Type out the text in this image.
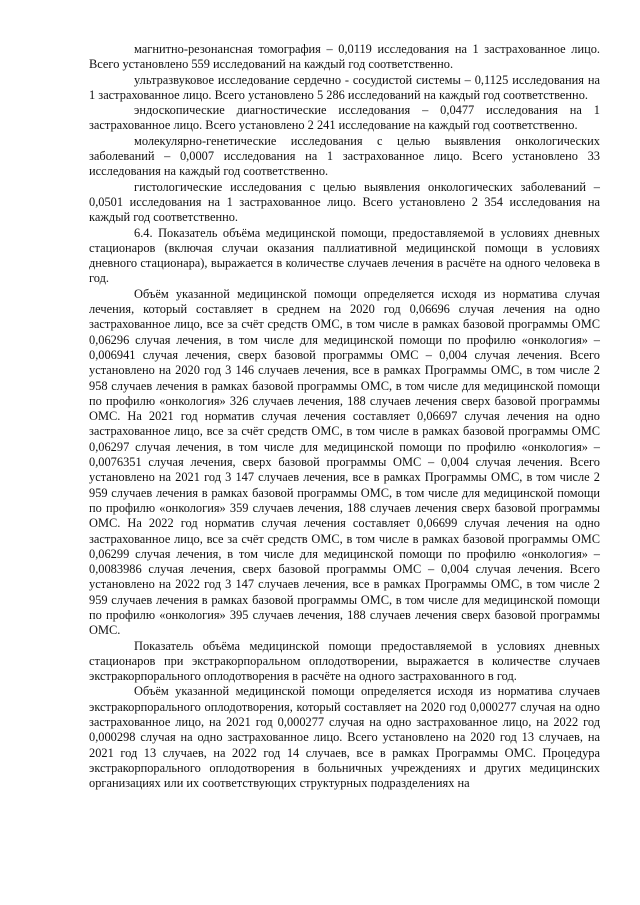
магнитно-резонансная томография – 0,0119 исследования на 1 застрахованное лицо. Всего установлено 559 исследований на каждый год соответственно.

ультразвуковое исследование сердечно - сосудистой системы – 0,1125 исследования на 1 застрахованное лицо. Всего установлено 5 286 исследований на каждый год соответственно.

эндоскопические диагностические исследования – 0,0477 исследования на 1 застрахованное лицо. Всего установлено 2 241 исследование на каждый год соответственно.

молекулярно-генетические исследования с целью выявления онкологических заболеваний – 0,0007 исследования на 1 застрахованное лицо. Всего установлено 33 исследования на каждый год соответственно.

гистологические исследования с целью выявления онкологических заболеваний – 0,0501 исследования на 1 застрахованное лицо. Всего установлено 2 354 исследования на каждый год соответственно.

6.4. Показатель объёма медицинской помощи, предоставляемой в условиях дневных стационаров (включая случаи оказания паллиативной медицинской помощи в условиях дневного стационара), выражается в количестве случаев лечения в расчёте на одного человека в год.

Объём указанной медицинской помощи определяется исходя из норматива случая лечения, который составляет в среднем на 2020 год 0,06696 случая лечения на одно застрахованное лицо, все за счёт средств ОМС, в том числе в рамках базовой программы ОМС 0,06296 случая лечения, в том числе для медицинской помощи по профилю «онкология» – 0,006941 случая лечения, сверх базовой программы ОМС – 0,004 случая лечения. Всего установлено на 2020 год 3 146 случаев лечения, все в рамках Программы ОМС, в том числе 2 958 случаев лечения в рамках базовой программы ОМС, в том числе для медицинской помощи по профилю «онкология» 326 случаев лечения, 188 случаев лечения сверх базовой программы ОМС. На 2021 год норматив случая лечения составляет 0,06697 случая лечения на одно застрахованное лицо, все за счёт средств ОМС, в том числе в рамках базовой программы ОМС 0,06297 случая лечения, в том числе для медицинской помощи по профилю «онкология» – 0,0076351 случая лечения, сверх базовой программы ОМС – 0,004 случая лечения. Всего установлено на 2021 год 3 147 случаев лечения, все в рамках Программы ОМС, в том числе 2 959 случаев лечения в рамках базовой программы ОМС, в том числе для медицинской помощи по профилю «онкология» 359 случаев лечения, 188 случаев лечения сверх базовой программы ОМС. На 2022 год норматив случая лечения составляет 0,06699 случая лечения на одно застрахованное лицо, все за счёт средств ОМС, в том числе в рамках базовой программы ОМС 0,06299 случая лечения, в том числе для медицинской помощи по профилю «онкология» – 0,0083986 случая лечения, сверх базовой программы ОМС – 0,004 случая лечения. Всего установлено на 2022 год 3 147 случаев лечения, все в рамках Программы ОМС, в том числе 2 959 случаев лечения в рамках базовой программы ОМС, в том числе для медицинской помощи по профилю «онкология» 395 случаев лечения, 188 случаев лечения сверх базовой программы ОМС.

Показатель объёма медицинской помощи предоставляемой в условиях дневных стационаров при экстракорпоральном оплодотворении, выражается в количестве случаев экстракорпорального оплодотворения в расчёте на одного застрахованного в год.

Объём указанной медицинской помощи определяется исходя из норматива случаев экстракорпорального оплодотворения, который составляет на 2020 год 0,000277 случая на одно застрахованное лицо, на 2021 год 0,000277 случая на одно застрахованное лицо, на 2022 год 0,000298 случая на одно застрахованное лицо. Всего установлено на 2020 год 13 случаев, на 2021 год 13 случаев, на 2022 год 14 случаев, все в рамках Программы ОМС. Процедура экстракорпорального оплодотворения в больничных учреждениях и других медицинских организациях или их соответствующих структурных подразделениях на
